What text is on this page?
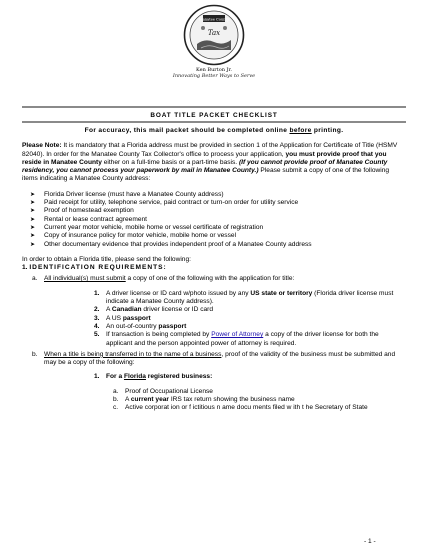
Manatee County
Tax
Ken Burton Jr.
Innovating Better Ways to Serve
BOAT TITLE PACKET CHECKLIST

For accuracy, this mail packet should be completed online before printing.

Please Note: It is mandatory that a Florida address must be provided in section 1 of the Application for Certificate of Title (HSMV 82040). In order for the Manatee County Tax Collector's office to process your application, you must provide proof that you reside in Manatee County either on a full-time basis or a part-time basis. (If you cannot provide proof of Manatee County residency, you cannot process your paperwork by mail in Manatee County.) Please submit a copy of one of the following items indicating a Manatee County address:

➤ Florida Driver license (must have a Manatee County address)
➤ Paid receipt for utility, telephone service, paid contract or turn-on order for utility service
➤ Proof of homestead exemption
➤ Rental or lease contract agreement
➤ Current year motor vehicle, mobile home or vessel certificate of registration
➤ Copy of insurance policy for motor vehicle, mobile home or vessel
➤ Other documentary evidence that provides independent proof of a Manatee County address

In order to obtain a Florida title, please send the following:

1. IDENTIFICATION REQUIREMENTS:

a. All individual(s) must submit a copy of one of the following with the application for title:
1. A driver license or ID card w/photo issued by any US state or territory (Florida driver license must indicate a Manatee County address).
2. A Canadian driver license or ID card
3. A US passport
4. An out-of-country passport
5. If transaction is being completed by Power of Attorney a copy of the driver license for both the applicant and the person appointed power of attorney is required.
b. When a title is being transferred in to the name of a business, proof of the validity of the business must be submitted and may be a copy of the following:
1. For a Florida registered business:
a. Proof of Occupational License
b. A current year IRS tax return showing the business name
c. Active corporat ion or f ictitious n ame docu ments filed w ith t he Secretary of State
- 1 -
